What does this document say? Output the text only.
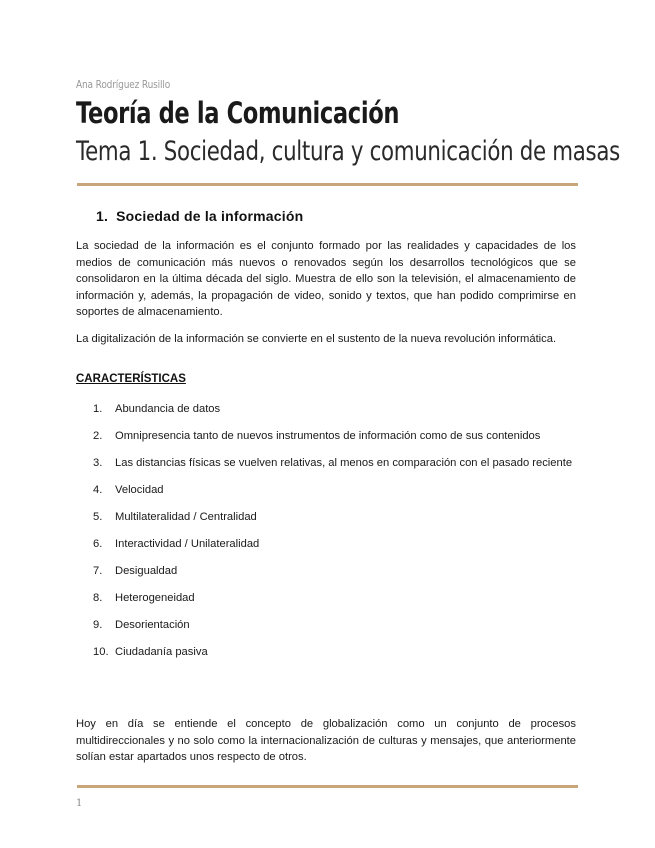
Ana Rodríguez Rusillo
Teoría de la Comunicación
Tema 1. Sociedad, cultura y comunicación de masas
1. Sociedad de la información

La sociedad de la información es el conjunto formado por las realidades y capacidades de los medios de comunicación más nuevos o renovados según los desarrollos tecnológicos que se consolidaron en la última década del siglo. Muestra de ello son la televisión, el almacenamiento de información y, además, la propagación de video, sonido y textos, que han podido comprimirse en soportes de almacenamiento.

La digitalización de la información se convierte en el sustento de la nueva revolución informática.

CARACTERÍSTICAS
1. Abundancia de datos
2. Omnipresencia tanto de nuevos instrumentos de información como de sus contenidos
3. Las distancias físicas se vuelven relativas, al menos en comparación con el pasado reciente
4. Velocidad
5. Multilateralidad / Centralidad
6. Interactividad / Unilateralidad
7. Desigualdad
8. Heterogeneidad
9. Desorientación
10. Ciudadanía pasiva

Hoy en día se entiende el concepto de globalización como un conjunto de procesos multidireccionales y no solo como la internacionalización de culturas y mensajes, que anteriormente solían estar apartados unos respecto de otros.

1
